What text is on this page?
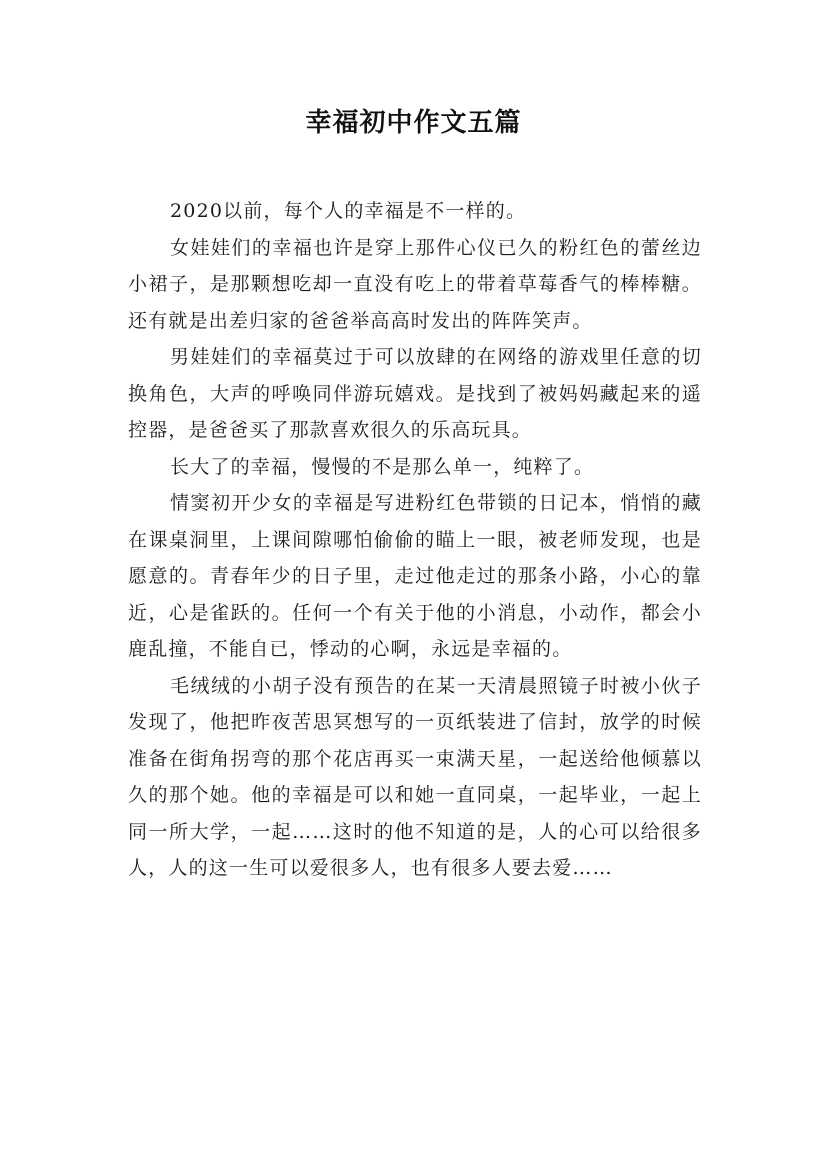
幸福初中作文五篇

2020以前，每个人的幸福是不一样的。

女娃娃们的幸福也许是穿上那件心仪已久的粉红色的蕾丝边小裙子，是那颗想吃却一直没有吃上的带着草莓香气的棒棒糖。还有就是出差归家的爸爸举高高时发出的阵阵笑声。

男娃娃们的幸福莫过于可以放肆的在网络的游戏里任意的切换角色，大声的呼唤同伴游玩嬉戏。是找到了被妈妈藏起来的遥控器，是爸爸买了那款喜欢很久的乐高玩具。

长大了的幸福，慢慢的不是那么单一，纯粹了。

情窦初开少女的幸福是写进粉红色带锁的日记本，悄悄的藏在课桌洞里，上课间隙哪怕偷偷的瞄上一眼，被老师发现，也是愿意的。青春年少的日子里，走过他走过的那条小路，小心的靠近，心是雀跃的。任何一个有关于他的小消息，小动作，都会小鹿乱撞，不能自已，悸动的心啊，永远是幸福的。

毛绒绒的小胡子没有预告的在某一天清晨照镜子时被小伙子发现了，他把昨夜苦思冥想写的一页纸装进了信封，放学的时候准备在街角拐弯的那个花店再买一束满天星，一起送给他倾慕以久的那个她。他的幸福是可以和她一直同桌，一起毕业，一起上同一所大学，一起……这时的他不知道的是，人的心可以给很多人，人的这一生可以爱很多人，也有很多人要去爱……
